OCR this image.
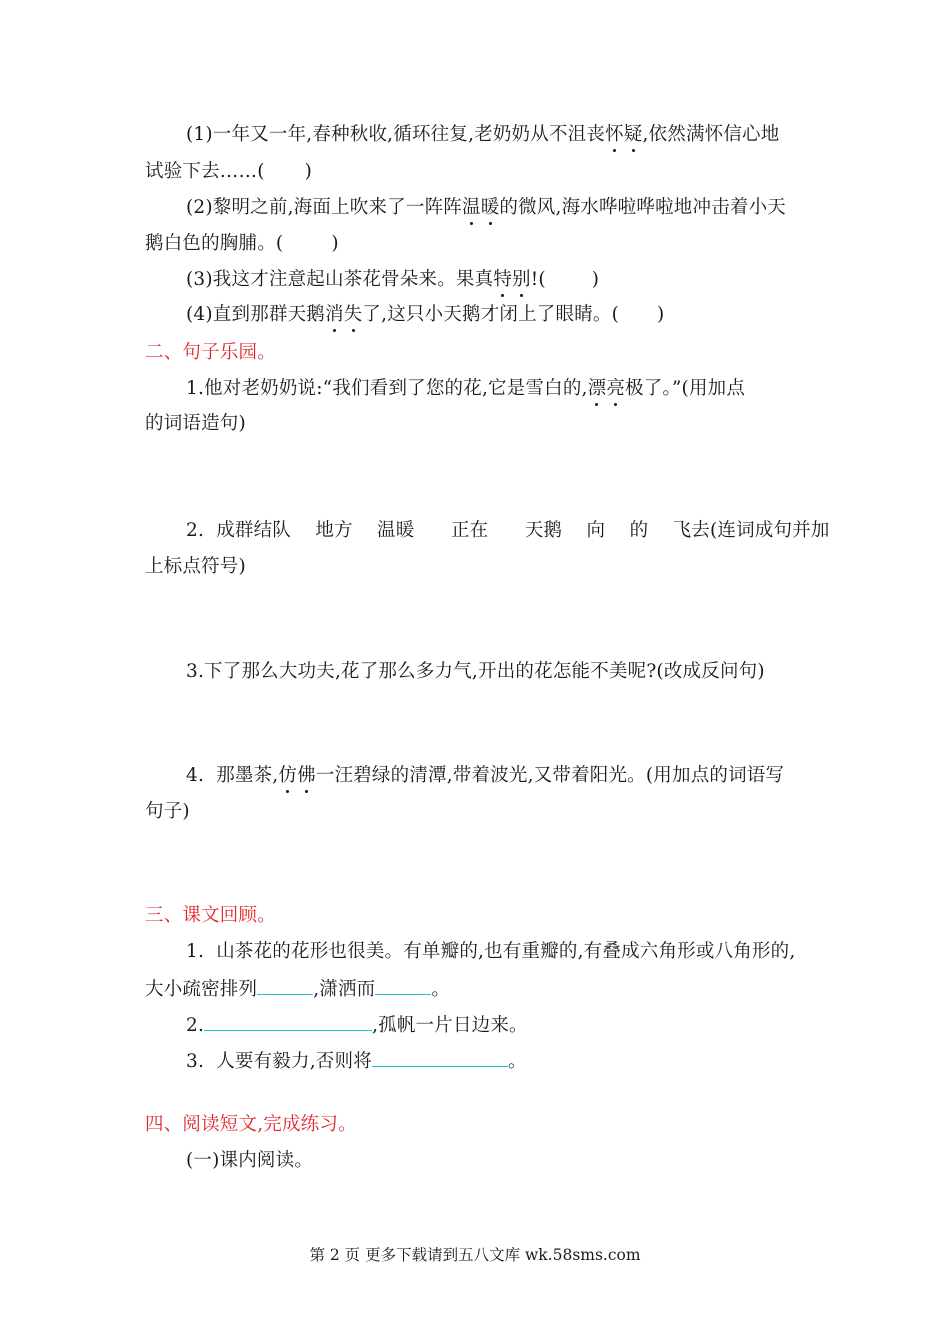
(1)一年又一年,春种秋收,循环往复,老奶奶从不沮丧怀疑,依然满怀信心地
试验下去……( )
(2)黎明之前,海面上吹来了一阵阵温暖的微风,海水哗啦哗啦地冲击着小天
鹅白色的胸脯。(	)
(3)我这才注意起山茶花骨朵来。果真特别!( )
(4)直到那群天鹅消失了,这只小天鹅才闭上了眼睛。( )
二、句子乐园。
1.他对老奶奶说:“我们看到了您的花,它是雪白的,漂亮极了。”(用加点
的词语造句)
2.  成群结队    地方    温暖      正在      天鹅    向    的    飞去(连词成句并加
上标点符号)
3.下了那么大功夫,花了那么多力气,开出的花怎能不美呢?(改成反问句)
4.  那墨茶,仿佛一汪碧绿的清潭,带着波光,又带着阳光。(用加点的词语写
句子)
三、课文回顾。
1.  山茶花的花形也很美。有单瓣的,也有重瓣的,有叠成六角形或八角形的,
大小疏密排列	,潇洒而	。
2.	,孤帆一片日边来。
3.  人要有毅力,否则将	。
四、阅读短文,完成练习。
(一)课内阅读。
第 2 页 更多下载请到五八文库 wk.58sms.com
